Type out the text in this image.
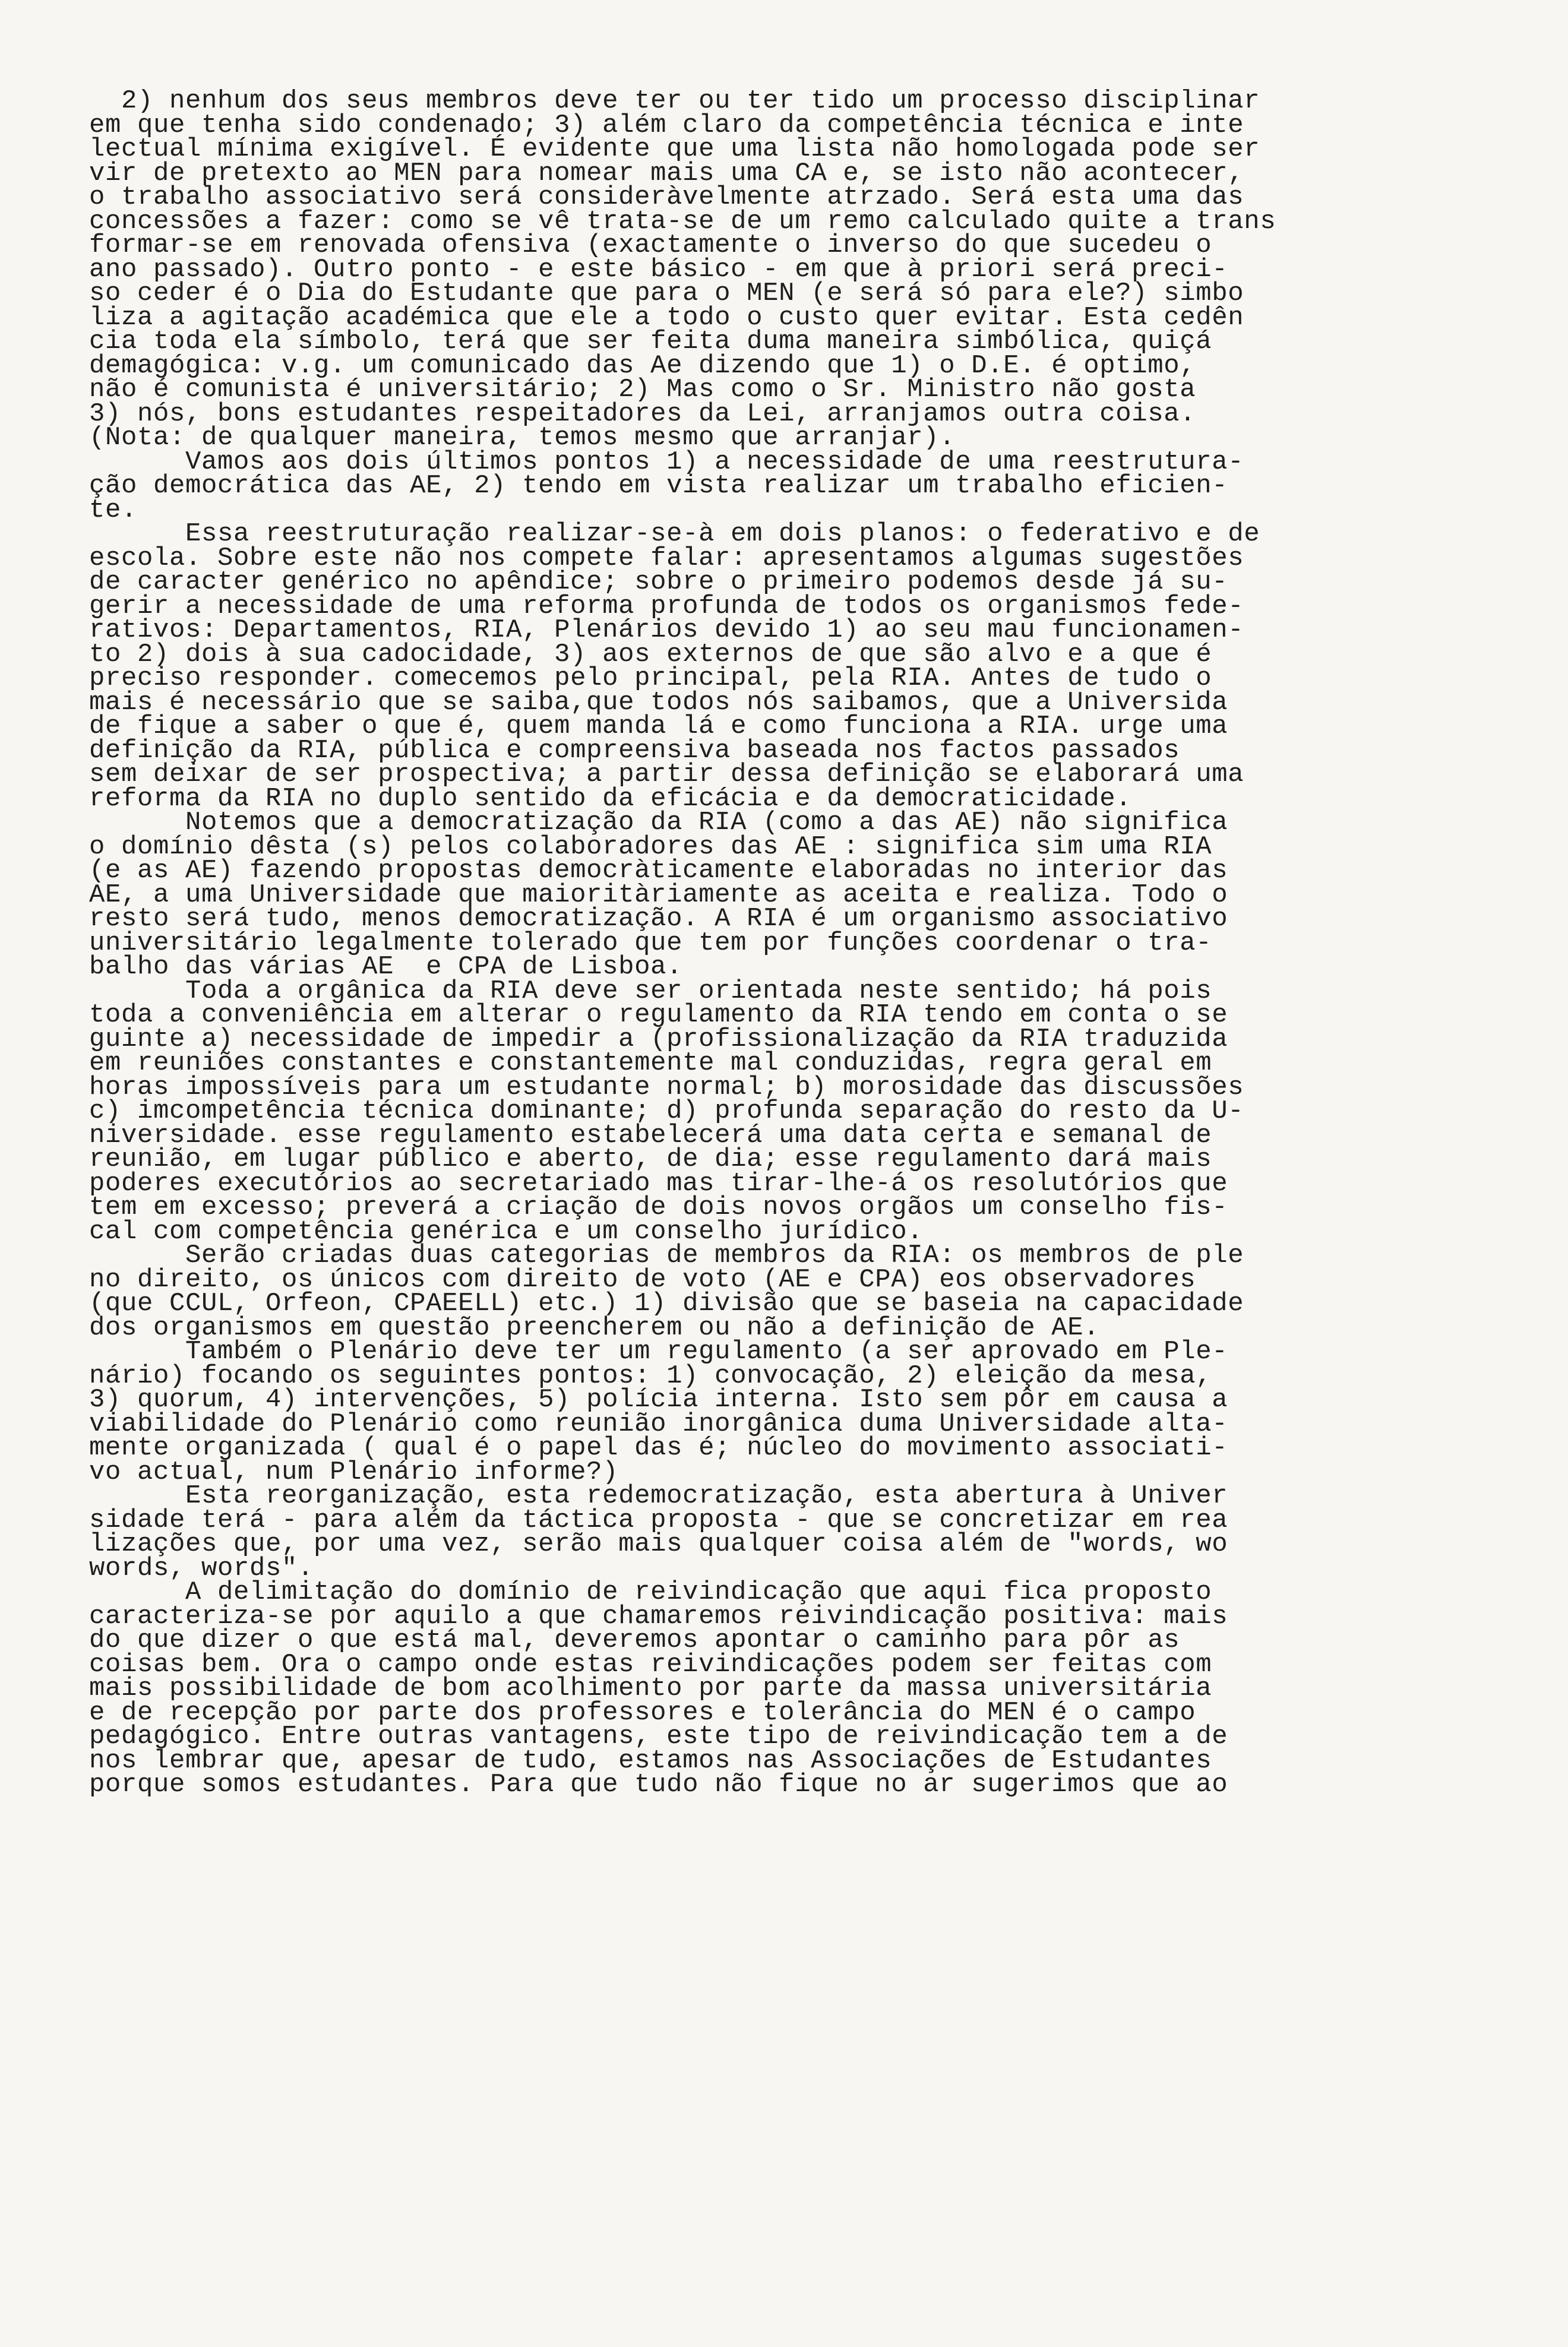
2) nenhum dos seus membros deve ter ou ter tido um processo disciplinar
em que tenha sido condenado; 3) além claro da competência técnica e inte
lectual mínima exigível. É evidente que uma lista não homologada pode ser
vir de pretexto ao MEN para nomear mais uma CA e, se isto não acontecer,
o trabalho associativo será consideràvelmente atrzado. Será esta uma das
concessões a fazer: como se vê trata-se de um remo calculado quite a trans
formar-se em renovada ofensiva (exactamente o inverso do que sucedeu o
ano passado). Outro ponto - e este básico - em que à priori será preci-
so ceder é o Dia do Estudante que para o MEN (e será só para ele?) simbo
liza a agitação académica que ele a todo o custo quer evitar. Esta cedên
cia toda ela símbolo, terá que ser feita duma maneira simbólica, quiçá
demagógica: v.g. um comunicado das Ae dizendo que 1) o D.E. é optimo,
não é comunista é universitário; 2) Mas como o Sr. Ministro não gosta
3) nós, bons estudantes respeitadores da Lei, arranjamos outra coisa.
(Nota: de qualquer maneira, temos mesmo que arranjar).
Vamos aos dois últimos pontos 1) a necessidade de uma reestrutura-
ção democrática das AE, 2) tendo em vista realizar um trabalho eficien-
te.
Essa reestruturação realizar-se-à em dois planos: o federativo e de
escola. Sobre este não nos compete falar: apresentamos algumas sugestões
de caracter genérico no apêndice; sobre o primeiro podemos desde já su-
gerir a necessidade de uma reforma profunda de todos os organismos fede-
rativos: Departamentos, RIA, Plenários devido 1) ao seu mau funcionamen-
to 2) dois à sua cadocidade, 3) aos externos de que são alvo e a que é
preciso responder. comecemos pelo principal, pela RIA. Antes de tudo o
mais é necessário que se saiba,que todos nós saibamos, que a Universida
de fique a saber o que é, quem manda lá e como funciona a RIA. urge uma
definição da RIA, pública e compreensiva baseada nos factos passados
sem deixar de ser prospectiva; a partir dessa definição se elaborará uma
reforma da RIA no duplo sentido da eficácia e da democraticidade.
Notemos que a democratização da RIA (como a das AE) não significa
o domínio dêsta (s) pelos colaboradores das AE : significa sim uma RIA
(e as AE) fazendo propostas democràticamente elaboradas no interior das
AE, a uma Universidade que maioritàriamente as aceita e realiza. Todo o
resto será tudo, menos democratização. A RIA é um organismo associativo
universitário legalmente tolerado que tem por funções coordenar o tra-
balho das várias AE  e CPA de Lisboa.
Toda a orgânica da RIA deve ser orientada neste sentido; há pois
toda a conveniência em alterar o regulamento da RIA tendo em conta o se
guinte a) necessidade de impedir a (profissionalização da RIA traduzida
em reuniões constantes e constantemente mal conduzidas, regra geral em
horas impossíveis para um estudante normal; b) morosidade das discussões
c) imcompetência técnica dominante; d) profunda separação do resto da U-
niversidade. esse regulamento estabelecerá uma data certa e semanal de
reunião, em lugar público e aberto, de dia; esse regulamento dará mais
poderes executórios ao secretariado mas tirar-lhe-á os resolutórios que
tem em excesso; preverá a criação de dois novos orgãos um conselho fis-
cal com competência genérica e um conselho jurídico.
Serão criadas duas categorias de membros da RIA: os membros de ple
no direito, os únicos com direito de voto (AE e CPA) eos observadores
(que CCUL, Orfeon, CPAEELL) etc.) 1) divisão que se baseia na capacidade
dos organismos em questão preencherem ou não a definição de AE.
Também o Plenário deve ter um regulamento (a ser aprovado em Ple-
nário) focando os seguintes pontos: 1) convocação, 2) eleição da mesa,
3) quorum, 4) intervenções, 5) polícia interna. Isto sem pôr em causa a
viabilidade do Plenário como reunião inorgânica duma Universidade alta-
mente organizada ( qual é o papel das é; núcleo do movimento associati-
vo actual, num Plenário informe?)
Esta reorganização, esta redemocratização, esta abertura à Univer
sidade terá - para além da táctica proposta - que se concretizar em rea
lizações que, por uma vez, serão mais qualquer coisa além de "words, wo
words, words".
A delimitação do domínio de reivindicação que aqui fica proposto
caracteriza-se por aquilo a que chamaremos reivindicação positiva: mais
do que dizer o que está mal, deveremos apontar o caminho para pôr as
coisas bem. Ora o campo onde estas reivindicações podem ser feitas com
mais possibilidade de bom acolhimento por parte da massa universitária
e de recepção por parte dos professores e tolerância do MEN é o campo
pedagógico. Entre outras vantagens, este tipo de reivindicação tem a de
nos lembrar que, apesar de tudo, estamos nas Associações de Estudantes
porque somos estudantes. Para que tudo não fique no ar sugerimos que ao
